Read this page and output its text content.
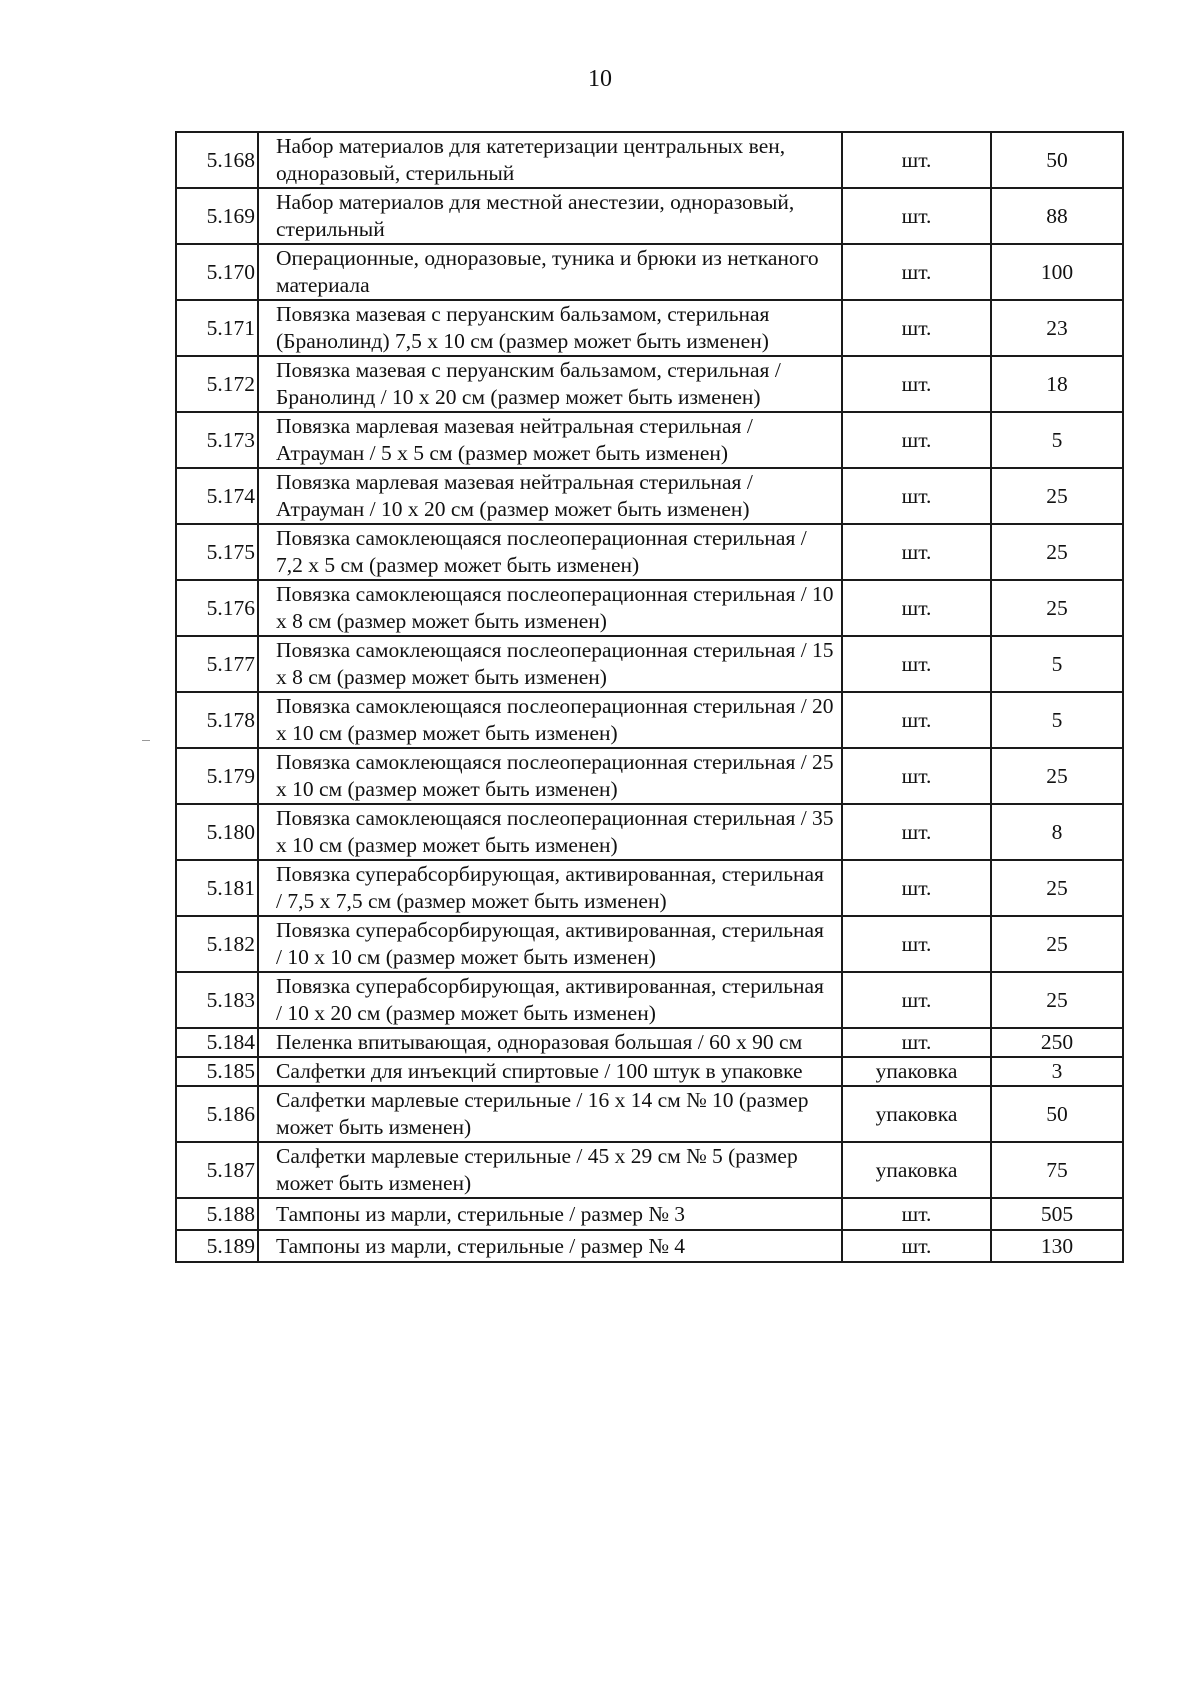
10
5.168	Набор материалов для катетеризации центральных вен, одноразовый, стерильный	шт.	50
5.169	Набор материалов для местной анестезии, одноразовый, стерильный	шт.	88
5.170	Операционные, одноразовые, туника и брюки из нетканого материала	шт.	100
5.171	Повязка мазевая с перуанским бальзамом, стерильная (Бранолинд) 7,5 х 10 см (размер может быть изменен)	шт.	23
5.172	Повязка мазевая с перуанским бальзамом, стерильная / Бранолинд / 10 х 20 см (размер может быть изменен)	шт.	18
5.173	Повязка марлевая мазевая нейтральная стерильная / Атрауман / 5 х 5 см (размер может быть изменен)	шт.	5
5.174	Повязка марлевая мазевая нейтральная стерильная / Атрауман / 10 х 20 см (размер может быть изменен)	шт.	25
5.175	Повязка самоклеющаяся послеоперационная стерильная / 7,2 х 5 см (размер может быть изменен)	шт.	25
5.176	Повязка самоклеющаяся послеоперационная стерильная / 10 х 8 см (размер может быть изменен)	шт.	25
5.177	Повязка самоклеющаяся послеоперационная стерильная / 15 х 8 см (размер может быть изменен)	шт.	5
5.178	Повязка самоклеющаяся послеоперационная стерильная / 20 х 10 см (размер может быть изменен)	шт.	5
5.179	Повязка самоклеющаяся послеоперационная стерильная / 25 х 10 см (размер может быть изменен)	шт.	25
5.180	Повязка самоклеющаяся послеоперационная стерильная / 35 х 10 см (размер может быть изменен)	шт.	8
5.181	Повязка суперабсорбирующая, активированная, стерильная / 7,5 х 7,5 см (размер может быть изменен)	шт.	25
5.182	Повязка суперабсорбирующая, активированная, стерильная / 10 х 10 см (размер может быть изменен)	шт.	25
5.183	Повязка суперабсорбирующая, активированная, стерильная / 10 х 20 см (размер может быть изменен)	шт.	25
5.184	Пеленка впитывающая, одноразовая большая / 60 х 90 см	шт.	250
5.185	Салфетки для инъекций спиртовые / 100 штук в упаковке	упаковка	3
5.186	Салфетки марлевые стерильные / 16 х 14 см № 10 (размер может быть изменен)	упаковка	50
5.187	Салфетки марлевые стерильные / 45 х 29 см № 5 (размер может быть изменен)	упаковка	75
5.188	Тампоны из марли, стерильные / размер № 3	шт.	505
5.189	Тампоны из марли, стерильные / размер № 4	шт.	130
